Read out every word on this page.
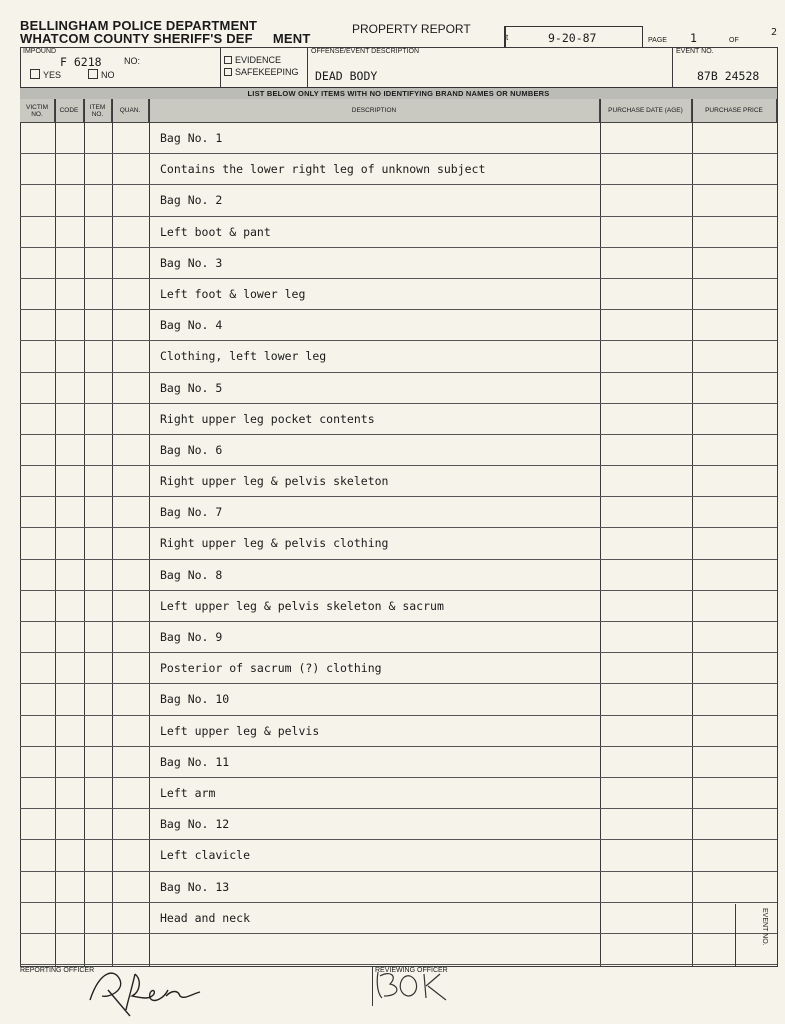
BELLINGHAM POLICE DEPARTMENT
WHATCOM COUNTY SHERIFF'S DEF MENT
PROPERTY REPORT
t	9-20-87	PAGE 1	OF
2
IMPOUND
F 6218 NO:
YES	NO
EVIDENCE
SAFEKEEPING
OFFENSE/EVENT DESCRIPTION
DEAD BODY
EVENT NO.
87B 24528
LIST BELOW ONLY ITEMS WITH NO IDENTIFYING BRAND NAMES OR NUMBERS
VICTIM NO.	CODE	ITEM NO.	QUAN.	DESCRIPTION	PURCHASE DATE (AGE)	PURCHASE PRICE
Bag No. 1
Contains the lower right leg of unknown subject
Bag No. 2
Left boot & pant
Bag No. 3
Left foot & lower leg
Bag No. 4
Clothing, left lower leg
Bag No. 5
Right upper leg pocket contents
Bag No. 6
Right upper leg & pelvis skeleton
Bag No. 7
Right upper leg & pelvis clothing
Bag No. 8
Left upper leg & pelvis skeleton & sacrum
Bag No. 9
Posterior of sacrum (?) clothing
Bag No. 10
Left upper leg & pelvis
Bag No. 11
Left arm
Bag No. 12
Left clavicle
Bag No. 13
Head and neck	EVENT NO.
REPORTING OFFICER	REVIEWING OFFICER
